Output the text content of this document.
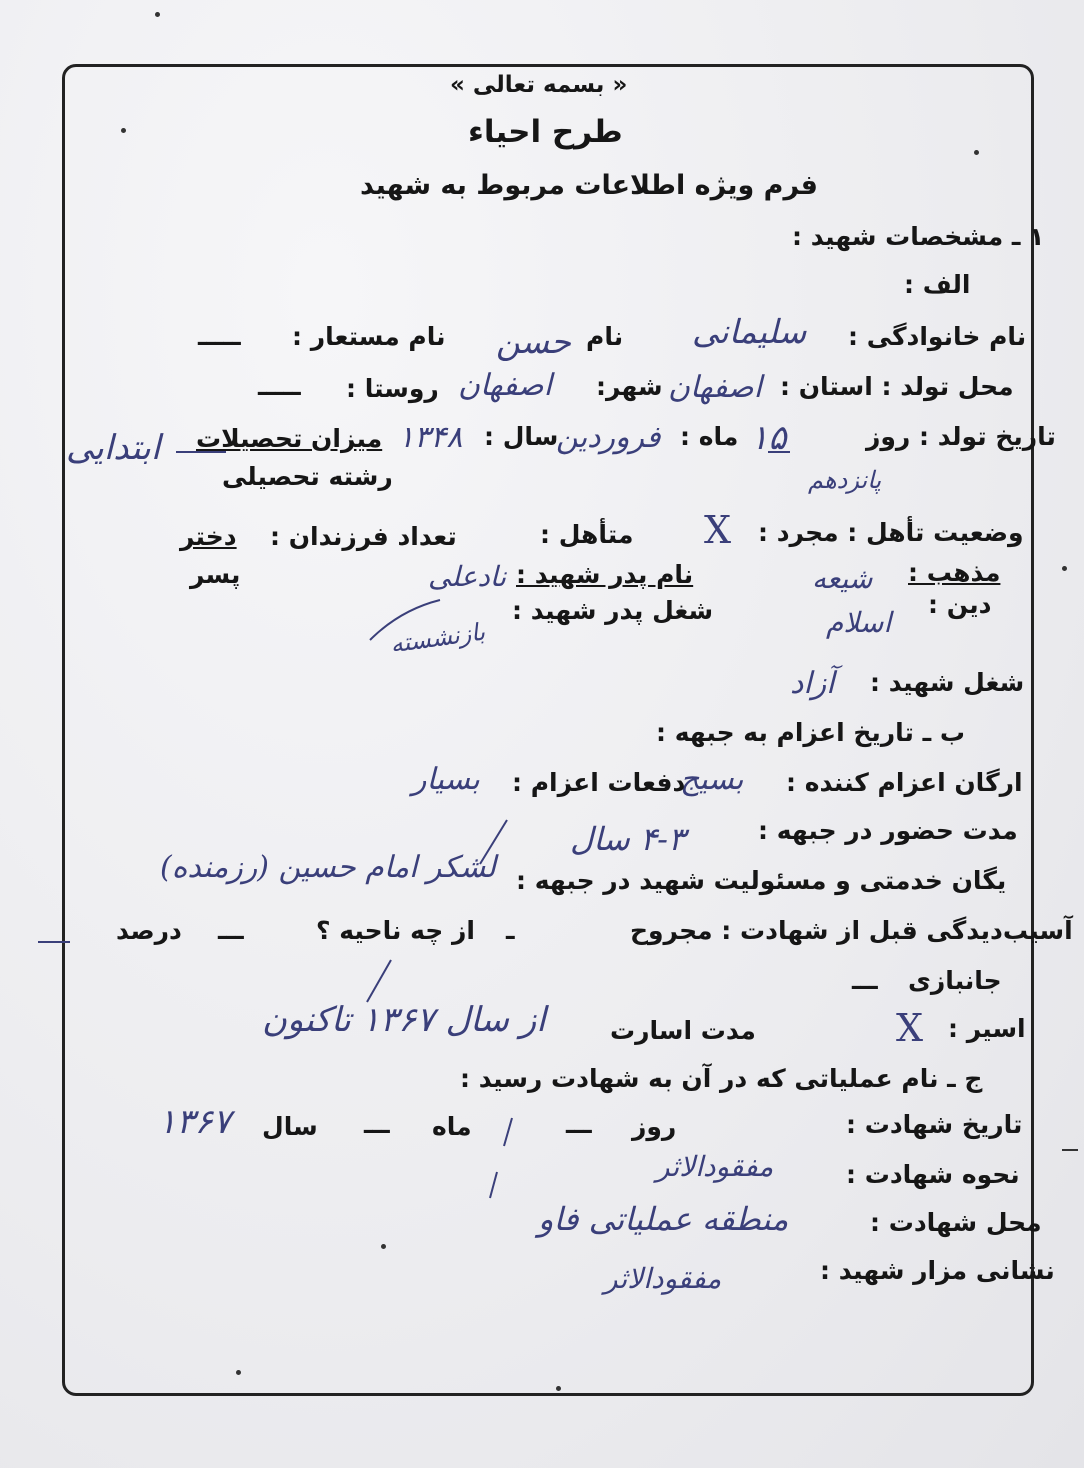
« بسمه تعالی »
طرح احیاء
فرم ویژه اطلاعات مربوط به شهید
۱ ـ مشخصات شهید :
الف :
نام خانوادگی :
سلیمانی
نام
حسن
نام مستعار :
ـــــ
محل تولد : استان :
اصفهان
شهر:
اصفهان
روستا :
ـــــ
تاریخ تولد : روز
۱۵
پانزدهم
ماه :
فروردین
سال :
۱۳۴۸
میزان تحصیلات
ابتدایی
رشته تحصیلی
وضعیت تأهل : مجرد :
X
متأهل :
تعداد فرزندان :
دختر
پسر	مذهب :
شیعه
دین :
اسلام
نام پدر شهید :
نادعلی
شغل پدر شهید :
بازنشسته
شغل شهید :
آزاد
ب ـ تاریخ اعزام به جبهه :
ارگان اعزام کننده :
بسیج
دفعات اعزام :
بسیار
مدت حضور در جبهه :
۴-۳ سال
یگان خدمتی و مسئولیت شهید در جبهه :
لشکر امام حسین (رزمنده)
آسیب‌دیدگی قبل از شهادت : مجروح
ـ
از چه ناحیه ؟
ـــ
درصد
جانبازی
ـــ
اسیر :
X
مدت اسارت
از سال ۱۳۶۷ تاکنون
ج ـ نام عملیاتی که در آن به شهادت رسید :
تاریخ شهادت :
روز
ـــ
ماه
ـــ
سال
۱۳۶۷
نحوه شهادت :
مفقودالاثر
محل شهادت :
منطقه عملیاتی فاو
نشانی مزار شهید :
مفقودالاثر
